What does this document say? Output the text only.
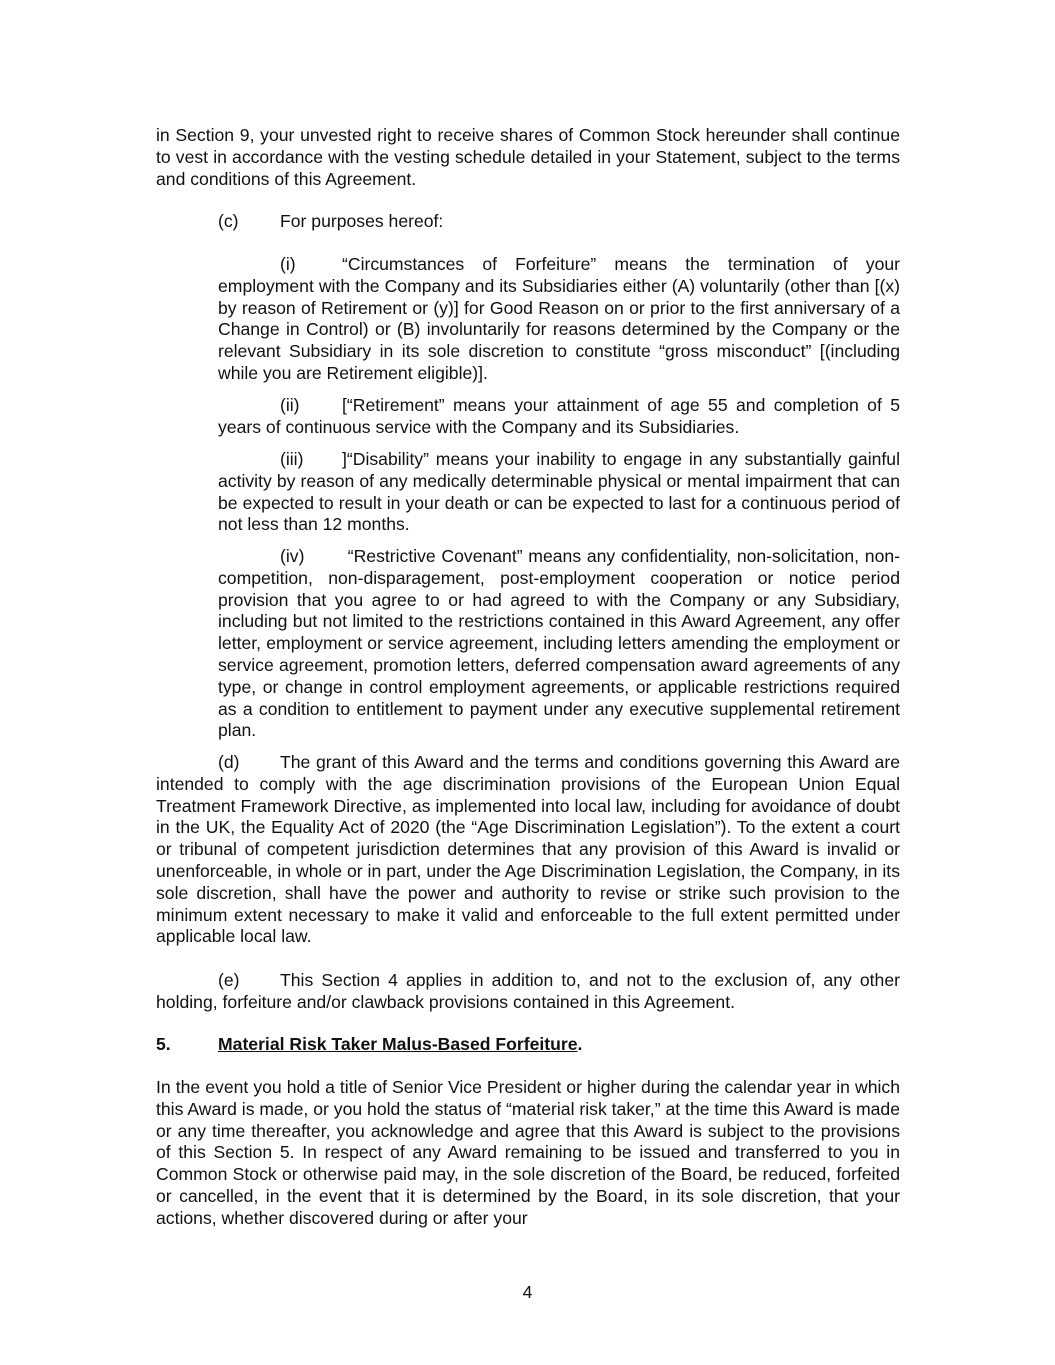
in Section 9, your unvested right to receive shares of Common Stock hereunder shall continue to vest in accordance with the vesting schedule detailed in your Statement, subject to the terms and conditions of this Agreement.

(c) For purposes hereof:

(i)	“Circumstances of Forfeiture” means the termination of your employment with the Company and its Subsidiaries either (A) voluntarily (other than [(x) by reason of Retirement or (y)] for Good Reason on or prior to the first anniversary of a Change in Control) or (B) involuntarily for reasons determined by the Company or the relevant Subsidiary in its sole discretion to constitute “gross misconduct” [(including while you are Retirement eligible)].

(ii) [“Retirement” means your attainment of age 55 and completion of 5 years of continuous service with the Company and its Subsidiaries.

(iii) ]“Disability” means your inability to engage in any substantially gainful activity by reason of any medically determinable physical or mental impairment that can be expected to result in your death or can be expected to last for a continuous period of not less than 12 months.

(iv) “Restrictive Covenant” means any confidentiality, non-solicitation, non-competition, non-disparagement, post-employment cooperation or notice period provision that you agree to or had agreed to with the Company or any Subsidiary, including but not limited to the restrictions contained in this Award Agreement, any offer letter, employment or service agreement, including letters amending the employment or service agreement, promotion letters, deferred compensation award agreements of any type, or change in control employment agreements, or applicable restrictions required as a condition to entitlement to payment under any executive supplemental retirement plan.

(d) The grant of this Award and the terms and conditions governing this Award are intended to comply with the age discrimination provisions of the European Union Equal Treatment Framework Directive, as implemented into local law, including for avoidance of doubt in the UK, the Equality Act of 2020 (the “Age Discrimination Legislation”). To the extent a court or tribunal of competent jurisdiction determines that any provision of this Award is invalid or unenforceable, in whole or in part, under the Age Discrimination Legislation, the Company, in its sole discretion, shall have the power and authority to revise or strike such provision to the minimum extent necessary to make it valid and enforceable to the full extent permitted under applicable local law.

(e) This Section 4 applies in addition to, and not to the exclusion of, any other holding, forfeiture and/or clawback provisions contained in this Agreement.

5.	Material Risk Taker Malus-Based Forfeiture.

In the event you hold a title of Senior Vice President or higher during the calendar year in which this Award is made, or you hold the status of “material risk taker,” at the time this Award is made or any time thereafter, you acknowledge and agree that this Award is subject to the provisions of this Section 5. In respect of any Award remaining to be issued and transferred to you in Common Stock or otherwise paid may, in the sole discretion of the Board, be reduced, forfeited or cancelled, in the event that it is determined by the Board, in its sole discretion, that your actions, whether discovered during or after your

4
